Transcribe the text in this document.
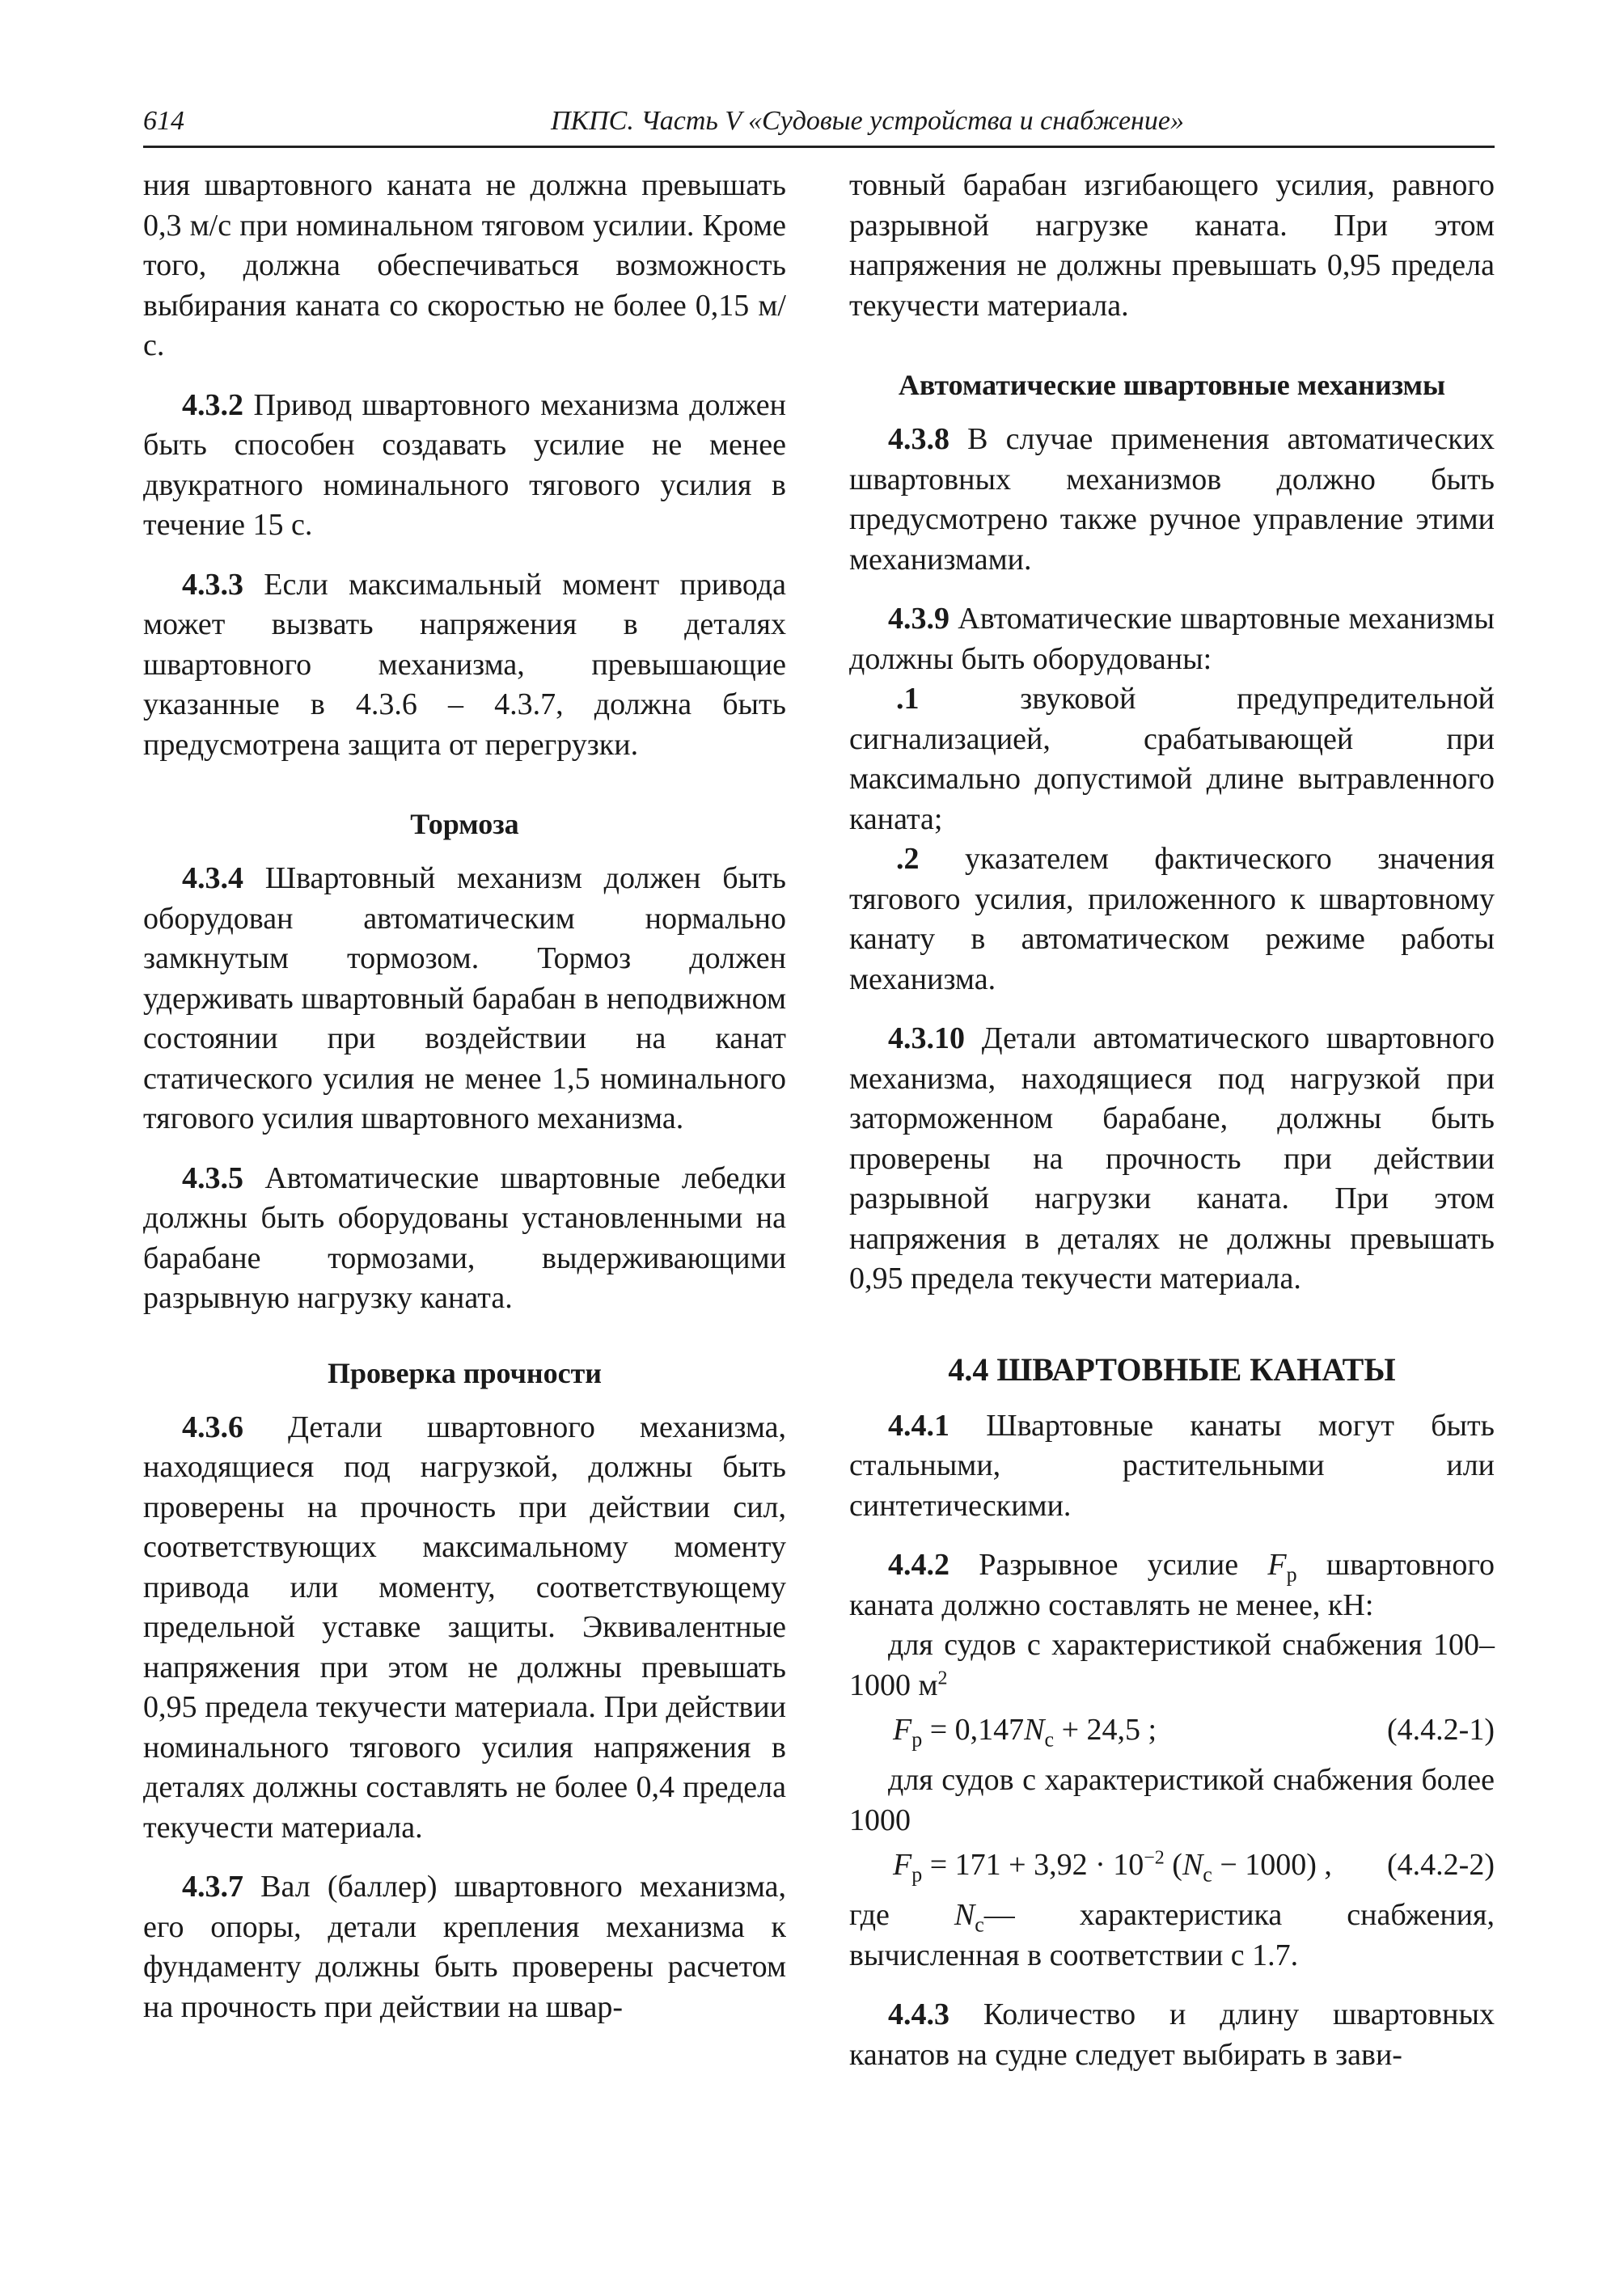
614	ПКПС. Часть V «Судовые устройства и снабжение»

ния швартовного каната не должна превышать 0,3 м/с при номинальном тяговом усилии. Кроме того, должна обеспечиваться возможность выбирания каната со скоростью не более 0,15 м/с.

4.3.2 Привод швартовного механизма должен быть способен создавать усилие не менее двукратного номинального тягового усилия в течение 15 с.

4.3.3 Если максимальный момент привода может вызвать напряжения в деталях швартовного механизма, превышающие указанные в 4.3.6 – 4.3.7, должна быть предусмотрена защита от перегрузки.

Тормоза

4.3.4 Швартовный механизм должен быть оборудован автоматическим нормально замкнутым тормозом. Тормоз должен удерживать швартовный барабан в неподвижном состоянии при воздействии на канат статического усилия не менее 1,5 номинального тягового усилия швартовного механизма.

4.3.5 Автоматические швартовные лебедки должны быть оборудованы установленными на барабане тормозами, выдерживающими разрывную нагрузку каната.

Проверка прочности

4.3.6 Детали швартовного механизма, находящиеся под нагрузкой, должны быть проверены на прочность при действии сил, соответствующих максимальному моменту привода или моменту, соответствующему предельной уставке защиты. Эквивалентные напряжения при этом не должны превышать 0,95 предела текучести материала. При действии номинального тягового усилия напряжения в деталях должны составлять не более 0,4 предела текучести материала.

4.3.7 Вал (баллер) швартовного механизма, его опоры, детали крепления механизма к фундаменту должны быть проверены расчетом на прочность при действии на швар-

товный барабан изгибающего усилия, равного разрывной нагрузке каната. При этом напряжения не должны превышать 0,95 предела текучести материала.

Автоматические швартовные механизмы

4.3.8 В случае применения автоматических швартовных механизмов должно быть предусмотрено также ручное управление этими механизмами.

4.3.9 Автоматические швартовные механизмы должны быть оборудованы:

.1 звуковой предупредительной сигнализацией, срабатывающей при максимально допустимой длине вытравленного каната;

.2 указателем фактического значения тягового усилия, приложенного к швартовному канату в автоматическом режиме работы механизма.

4.3.10 Детали автоматического швартовного механизма, находящиеся под нагрузкой при заторможенном барабане, должны быть проверены на прочность при действии разрывной нагрузки каната. При этом напряжения в деталях не должны превышать 0,95 предела текучести материала.

4.4 ШВАРТОВНЫЕ КАНАТЫ

4.4.1 Швартовные канаты могут быть стальными, растительными или синтетическими.

4.4.2 Разрывное усилие $F_р$ швартовного каната должно составлять не менее, кН:

для судов с характеристикой снабжения 100–1000 $м^2$

$F_р = 0,147N_с + 24,5$ ;	(4.4.2-1)

для судов с характеристикой снабжения более 1000

$F_р = 171 + 3,92 \cdot 10^{-2}$ $(N_с - 1000)$ , (4.4.2-2)

где $N_с—$ характеристика снабжения, вычисленная в соответствии с 1.7.

4.4.3 Количество и длину швартовных канатов на судне следует выбирать в зави-
